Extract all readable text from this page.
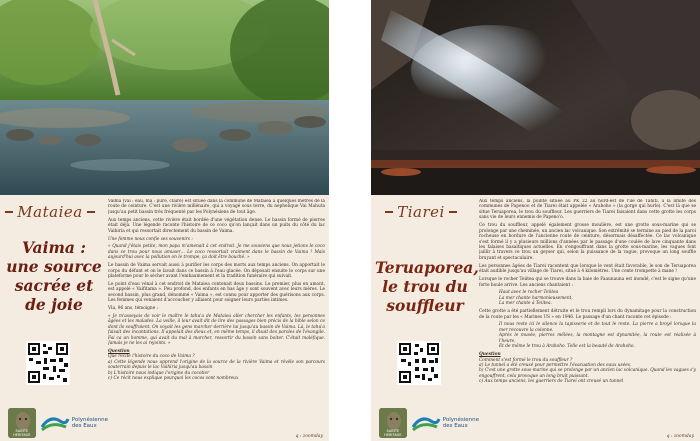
Mataiea
Vaima : une source sacrée et de joie
SAINTE HERITAGE
Polynésienne
des Eaux

Vaima (vai : eau, ma : pure, claire) est située dans la commune de Mataiea à quelques mètres de la route de ceinture. C'est une rivière millénaire, qui a voyagé sous terre, du nephelique Vai Mahuta jusqu'au petit bassin très fréquenté par les Polynésiens de tout âge.

Aux temps anciens, cette rivière était bordée d'une végétation dense. Le bassin formé de pierres était déjà. Une légende raconte l'histoire de ce coco qu'on lançait dans un puits du côté du lac Vaihiria et qui ressortait directement du bassin de Vaima.

Une femme nous confie ses souvenirs :

« Quand j'étais petite, mon papa m'amenait à cet endroit. Je me souviens que nous jetions le coco dans ce trou pour nous amuser… Le coco ressortait vraiment dans le bassin de Vaima ! Mais aujourd'hui avec la pollution on le trompe, ça doit être bouché. »

Le bassin de Vaima servait aussi à purifier les corps des morts aux temps anciens. On apportait le corps du défunt et on le lavait dans ce bassin à l'eau glacée. On déposait ensuite le corps sur une plateforme pour le sécher avant l'embaumement et la tradition funéraire qui suivait.

Le point d'eau vénal à cet endroit de Mataiea contenait deux bassins. Le premier, plus en amont, est appelé « Vaifitama ». Peu profond, des enfants en bas âge y sont souvent avec leurs mères. Le second bassin, plus grand, dénommé « Vaima », est connu pour apporter des guérisons aux corps. Les femmes qui venaient d'accoucher y allaient pour soigner leurs parties intimes.

Vla, 96 ans, témoigne :

« Je m'asseyais de voir le maître le tahu'a de Mataiea aller chercher les enfants, les personnes âgées et les malades. La veille, il leur avait dit de lire des passages bien précis de la bible selon ce dont ils souffraient. On voyait les gens marcher derrière lui jusqu'au bassin de Vaima. Là, le tahu'a faisait des incantations. Il appelait des dieux et, en même temps, il disait des paroles de l'évangile. Fai ca un homme, qui avait du mal à marcher, ressortir du bassin sans boiter. C'était maléfique. Jamais je ne les ai rejoints. »

Question

Que récite l'histoire du coco de Vaima ?

a) Cette légende nous apprend l'origine de la source de la rivière Vaima et révèle son parcours souterrain depuis le lac Vaihiria jusqu'au bassin

b) L'histoire nous indique l'origine du cocotier

c) Ce récit nous explique pourquoi les cocos sont nombreux

q : zoomday
Tiarei
Teruaporea, le trou du souffleur
SAINTE HERITAGE
Polynésienne
des Eaux

Aux temps anciens, la pointe située au PK 22 au nord-est de l'île de Tahiti, à la limite des communes de Papenoo et de Tiarei était appelée « Arahoho » (la gorge qui hurle). C'est là que se situe Teruaporea, le trou du souffleur. Les guerriers de Tiarei faisaient dans cette grotte les corps sans vie de leurs ennemis de Papeno'o.

Ce trou du souffleur, appelé également grosse moulière, est une grotte sous-marine qui se prolonge par une cheminée, un ancien lac volcanique. Son extrémité se termine au pied de la paroi rocheuse en bordure de l'ancienne route de ceinture, désormais désaffectée. Ce lac volcanique s'est formé il y a plusieurs millions d'années par le passage d'une coulée de lave cinquante dans les falaises basaltiques actuelles. En s'engouffrant dans la grotte sous-marine, les vagues font jaillir à travers ce trou un geyser qui, selon la puissance de la vague, provoque un long souffle bruyant et spectaculaire.

Les personnes âgées de Tiarei racontent que lorsque le vent était favorable, le son de Teruaporea était audible jusqu'au village de Tiarei, situé à 4 kilomètres. Une conte trompette à mane !

Lorsque le rocher Teiitea qui se trouve dans la baie de Faaunauna est inondé, c'est le signe qu'une forte houle arrive. Les anciens chantaient :

Haut avec le rocher Teiitea

La mer chante harmonieusement,

La mer chante à Teiitea.

Cette grotte a été partiellement détruite et le trou rempli lors du dynamitage pour la construction de la route par les « Marines US » en 1946. Le passage d'un chant raconte cet épisode :

Il nous reste ici le silence la tapisserie et de tout le reste. La pierre a broyé lorsque la mer recouvre la colonne.

Après le musée, pierres mêlées, la montagne est dynamitée, la route est réalisée à l'heure,

Et de même le trou à Arahoho. Telle est la beauté de Arahoho.

Question

Comment s'est formé le trou du souffleur ?

a) Le tunnel a été creusé pour permettre l'évacuation des eaux usées.

b) C'est une grotte sous-marine qui se prolonge par un ancien lac volcanique. Quand les vagues s'y engouffrent, cela provoque un long bruit puissant.

c) Aux temps anciens, les guerriers de Tiarei ont creusé un tunnel

q : zoomday
